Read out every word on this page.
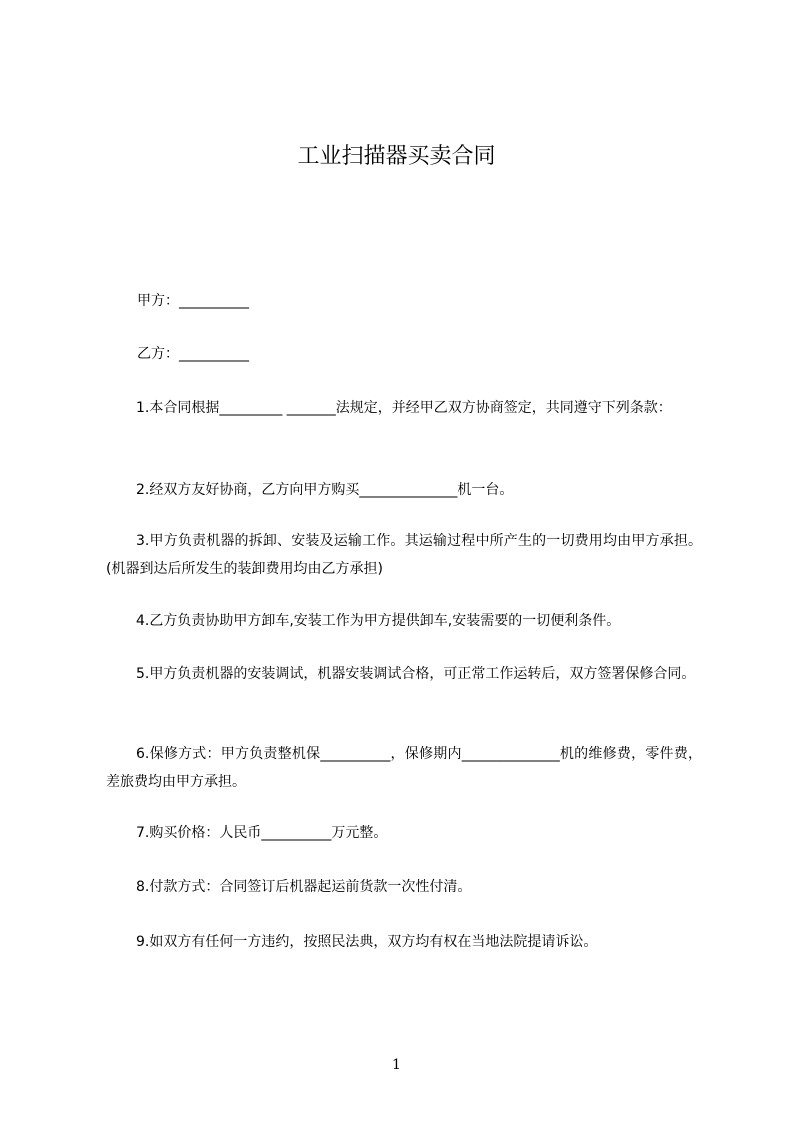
工业扫描器买卖合同
甲方：__________
乙方：__________
1.本合同根据_________ _______法规定，并经甲乙双方协商签定，共同遵守下列条款：
2.经双方友好协商，乙方向甲方购买______________机一台。
3.甲方负责机器的拆卸、安装及运输工作。其运输过程中所产生的一切费用均由甲方承担。(机器到达后所发生的装卸费用均由乙方承担)
4.乙方负责协助甲方卸车,安装工作为甲方提供卸车,安装需要的一切便利条件。
5.甲方负责机器的安装调试，机器安装调试合格，可正常工作运转后，双方签署保修合同。
6.保修方式：甲方负责整机保__________，保修期内______________机的维修费，零件费，差旅费均由甲方承担。
7.购买价格：人民币__________万元整。
8.付款方式：合同签订后机器起运前货款一次性付清。
9.如双方有任何一方违约，按照民法典，双方均有权在当地法院提请诉讼。
1
